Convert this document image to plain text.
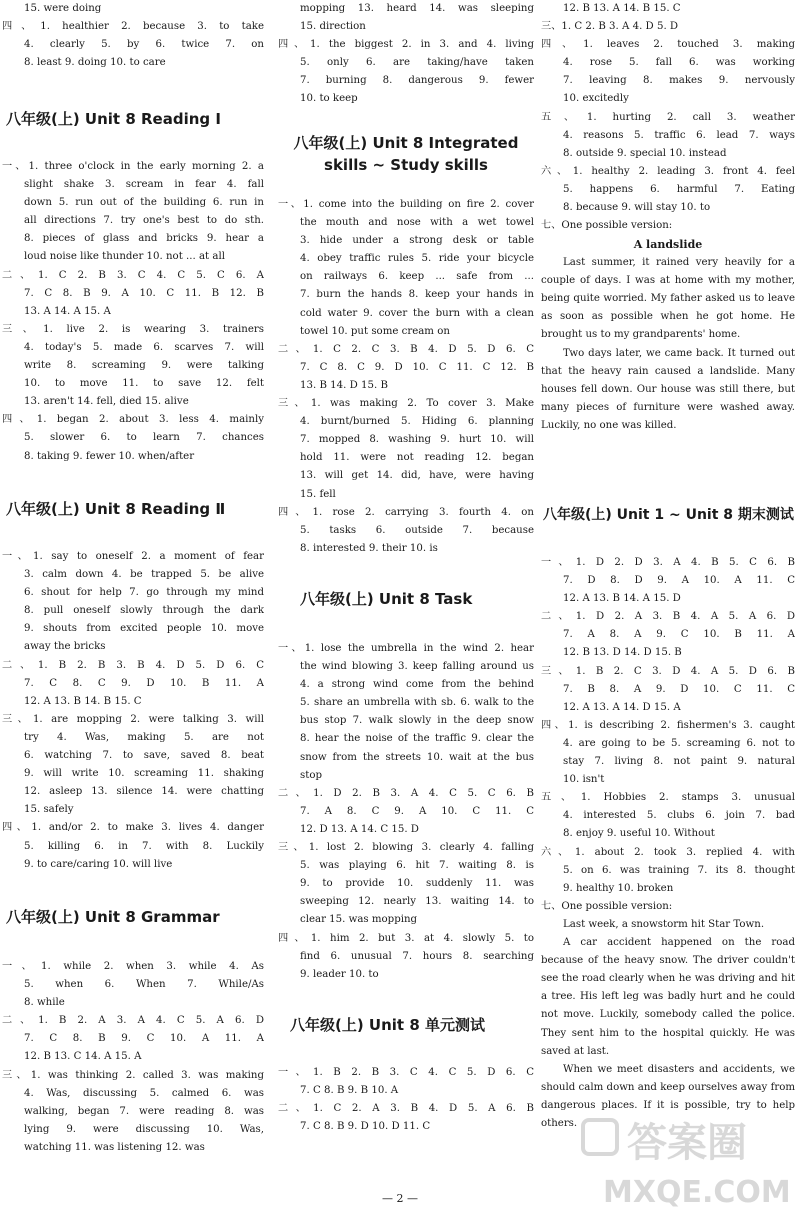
15. were doing
四、1. healthier 2. because 3. to take
4. clearly 5. by 6. twice 7. on
8. least 9. doing 10. to care
八年级(上) Unit 8 Reading Ⅰ
一、1. three o'clock in the early morning 2. a
slight shake 3. scream in fear 4. fall
down 5. run out of the building 6. run in
all directions 7. try one's best to do sth.
8. pieces of glass and bricks 9. hear a
loud noise like thunder 10. not ... at all
二、1. C 2. B 3. C 4. C 5. C 6. A
7. C 8. B 9. A 10. C 11. B 12. B
13. A 14. A 15. A
三、1. live 2. is wearing 3. trainers
4. today's 5. made 6. scarves 7. will
write 8. screaming 9. were talking
10. to move 11. to save 12. felt
13. aren't 14. fell, died 15. alive
四、1. began 2. about 3. less 4. mainly
5. slower 6. to learn 7. chances
8. taking 9. fewer 10. when/after
八年级(上) Unit 8 Reading Ⅱ
一、1. say to oneself 2. a moment of fear
3. calm down 4. be trapped 5. be alive
6. shout for help 7. go through my mind
8. pull oneself slowly through the dark
9. shouts from excited people 10. move
away the bricks
二、1. B 2. B 3. B 4. D 5. D 6. C
7. C 8. C 9. D 10. B 11. A
12. A 13. B 14. B 15. C
三、1. are mopping 2. were talking 3. will
try 4. Was, making 5. are not
6. watching 7. to save, saved 8. beat
9. will write 10. screaming 11. shaking
12. asleep 13. silence 14. were chatting
15. safely
四、1. and/or 2. to make 3. lives 4. danger
5. killing 6. in 7. with 8. Luckily
9. to care/caring 10. will live
八年级(上) Unit 8 Grammar
一、1. while 2. when 3. while 4. As
5. when 6. When 7. While/As
8. while
二、1. B 2. A 3. A 4. C 5. A 6. D
7. C 8. B 9. C 10. A 11. A
12. B 13. C 14. A 15. A
三、1. was thinking 2. called 3. was making
4. Was, discussing 5. calmed 6. was
walking, began 7. were reading 8. was
lying 9. were discussing 10. Was,
watching 11. was listening 12. was
mopping 13. heard 14. was sleeping
15. direction
四、1. the biggest 2. in 3. and 4. living
5. only 6. are taking/have taken
7. burning 8. dangerous 9. fewer
10. to keep
八年级(上) Unit 8 Integrated
skills ~ Study skills
一、1. come into the building on fire 2. cover
the mouth and nose with a wet towel
3. hide under a strong desk or table
4. obey traffic rules 5. ride your bicycle
on railways 6. keep ... safe from ...
7. burn the hands 8. keep your hands in
cold water 9. cover the burn with a clean
towel 10. put some cream on
二、1. C 2. C 3. B 4. D 5. D 6. C
7. C 8. C 9. D 10. C 11. C 12. B
13. B 14. D 15. B
三、1. was making 2. To cover 3. Make
4. burnt/burned 5. Hiding 6. planning
7. mopped 8. washing 9. hurt 10. will
hold 11. were not reading 12. began
13. will get 14. did, have, were having
15. fell
四、1. rose 2. carrying 3. fourth 4. on
5. tasks 6. outside 7. because
8. interested 9. their 10. is
八年级(上) Unit 8 Task
一、1. lose the umbrella in the wind 2. hear
the wind blowing 3. keep falling around us
4. a strong wind come from the behind
5. share an umbrella with sb. 6. walk to the
bus stop 7. walk slowly in the deep snow
8. hear the noise of the traffic 9. clear the
snow from the streets 10. wait at the bus
stop
二、1. D 2. B 3. A 4. C 5. C 6. B
7. A 8. C 9. A 10. C 11. C
12. D 13. A 14. C 15. D
三、1. lost 2. blowing 3. clearly 4. falling
5. was playing 6. hit 7. waiting 8. is
9. to provide 10. suddenly 11. was
sweeping 12. nearly 13. waiting 14. to
clear 15. was mopping
四、1. him 2. but 3. at 4. slowly 5. to
find 6. unusual 7. hours 8. searching
9. leader 10. to
八年级(上) Unit 8 单元测试
一、1. B 2. B 3. C 4. C 5. D 6. C
7. C 8. B 9. B 10. A
二、1. C 2. A 3. B 4. D 5. A 6. B
7. C 8. B 9. D 10. D 11. C
12. B 13. A 14. B 15. C
三、1. C 2. B 3. A 4. D 5. D
四、1. leaves 2. touched 3. making
4. rose 5. fall 6. was working
7. leaving 8. makes 9. nervously
10. excitedly
五、1. hurting 2. call 3. weather
4. reasons 5. traffic 6. lead 7. ways
8. outside 9. special 10. instead
六、1. healthy 2. leading 3. front 4. feel
5. happens 6. harmful 7. Eating
8. because 9. will stay 10. to
七、One possible version:
A landslide
Last summer, it rained very heavily for a couple of days. I was at home with my mother, being quite worried. My father asked us to leave as soon as possible when he got home. He brought us to my grandparents' home.
Two days later, we came back. It turned out that the heavy rain caused a landslide. Many houses fell down. Our house was still there, but many pieces of furniture were washed away. Luckily, no one was killed.
八年级(上) Unit 1 ~ Unit 8 期末测试
一、1. D 2. D 3. A 4. B 5. C 6. B
7. D 8. D 9. A 10. A 11. C
12. A 13. B 14. A 15. D
二、1. D 2. A 3. B 4. A 5. A 6. D
7. A 8. A 9. C 10. B 11. A
12. B 13. D 14. D 15. B
三、1. B 2. C 3. D 4. A 5. D 6. B
7. B 8. A 9. D 10. C 11. C
12. A 13. A 14. D 15. A
四、1. is describing 2. fishermen's 3. caught
4. are going to be 5. screaming 6. not to
stay 7. living 8. not paint 9. natural
10. isn't
五、1. Hobbies 2. stamps 3. unusual
4. interested 5. clubs 6. join 7. bad
8. enjoy 9. useful 10. Without
六、1. about 2. took 3. replied 4. with
5. on 6. was training 7. its 8. thought
9. healthy 10. broken
七、One possible version:
Last week, a snowstorm hit Star Town.
A car accident happened on the road because of the heavy snow. The driver couldn't see the road clearly when he was driving and hit a tree. His left leg was badly hurt and he could not move. Luckily, somebody called the police. They sent him to the hospital quickly. He was saved at last.
When we meet disasters and accidents, we should calm down and keep ourselves away from dangerous places. If it is possible, try to help others.
— 2 —
答案圈
MXQE.COM
